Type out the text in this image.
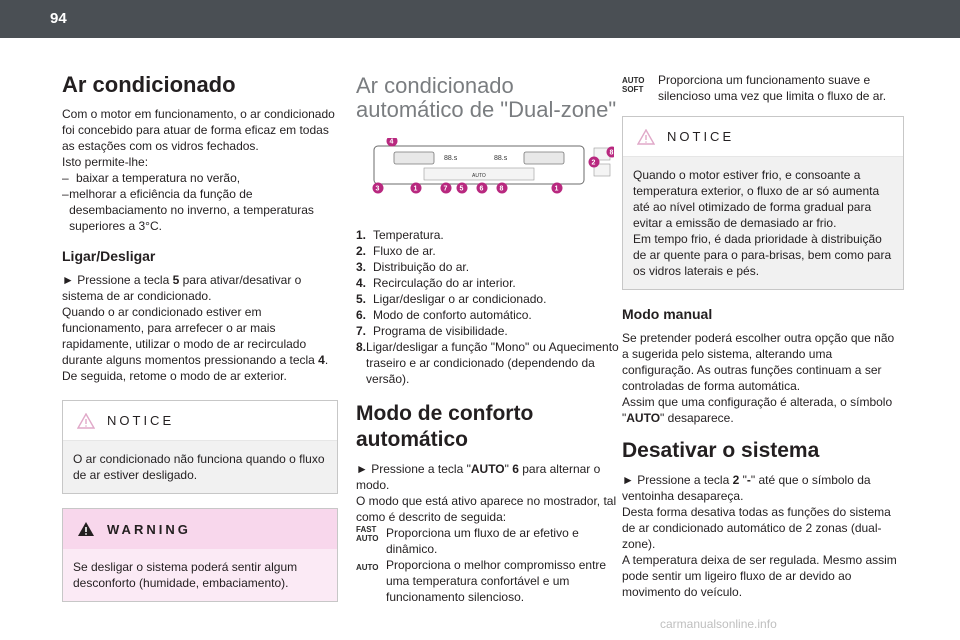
94
Ar condicionado

Com o motor em funcionamento, o ar condicionado foi concebido para atuar de forma eficaz em todas as estações com os vidros fechados.
Isto permite-lhe:

– baixar a temperatura no verão,
– melhorar a eficiência da função de desembaciamento no inverno, a temperaturas superiores a 3°C.
Ligar/Desligar

► Pressione a tecla 5 para ativar/desativar o sistema de ar condicionado.
Quando o ar condicionado estiver em funcionamento, para arrefecer o ar mais rapidamente, utilizar o modo de ar recirculado durante alguns momentos pressionando a tecla 4. De seguida, retome o modo de ar exterior.

NOTICE
O ar condicionado não funciona quando o fluxo de ar estiver desligado.
WARNING
Se desligar o sistema poderá sentir algum desconforto (humidade, embaciamento).
Ar condicionado automático de "Dual-zone"
88.s	88.s
AUTO
4
2
8
3	1	7 5 6 8	1
1. Temperatura.
2. Fluxo de ar.
3. Distribuição do ar.
4. Recirculação do ar interior.
5. Ligar/desligar o ar condicionado.
6. Modo de conforto automático.
7. Programa de visibilidade.
8. Ligar/desligar a função "Mono" ou Aquecimento traseiro e ar condicionado (dependendo da versão).
Modo de conforto automático

► Pressione a tecla "AUTO" 6 para alternar o modo.
O modo que está ativo aparece no mostrador, tal como é descrito de seguida:

FAST AUTO Proporciona um fluxo de ar efetivo e dinâmico.

AUTO Proporciona o melhor compromisso entre uma temperatura confortável e um funcionamento silencioso.

AUTO SOFT

Proporciona um funcionamento suave e silencioso uma vez que limita o fluxo de ar.

NOTICE
Quando o motor estiver frio, e consoante a temperatura exterior, o fluxo de ar só aumenta até ao nível otimizado de forma gradual para evitar a emissão de demasiado ar frio.
Em tempo frio, é dada prioridade à distribuição de ar quente para o para-brisas, bem como para os vidros laterais e pés.
Modo manual

Se pretender poderá escolher outra opção que não a sugerida pelo sistema, alterando uma configuração. As outras funções continuam a ser controladas de forma automática.
Assim que uma configuração é alterada, o símbolo "AUTO" desaparece.

Desativar o sistema

► Pressione a tecla 2 "-" até que o símbolo da ventoinha desapareça.
Desta forma desativa todas as funções do sistema de ar condicionado automático de 2 zonas (dual-zone).
A temperatura deixa de ser regulada. Mesmo assim pode sentir um ligeiro fluxo de ar devido ao movimento do veículo.

carmanualsonline.info
